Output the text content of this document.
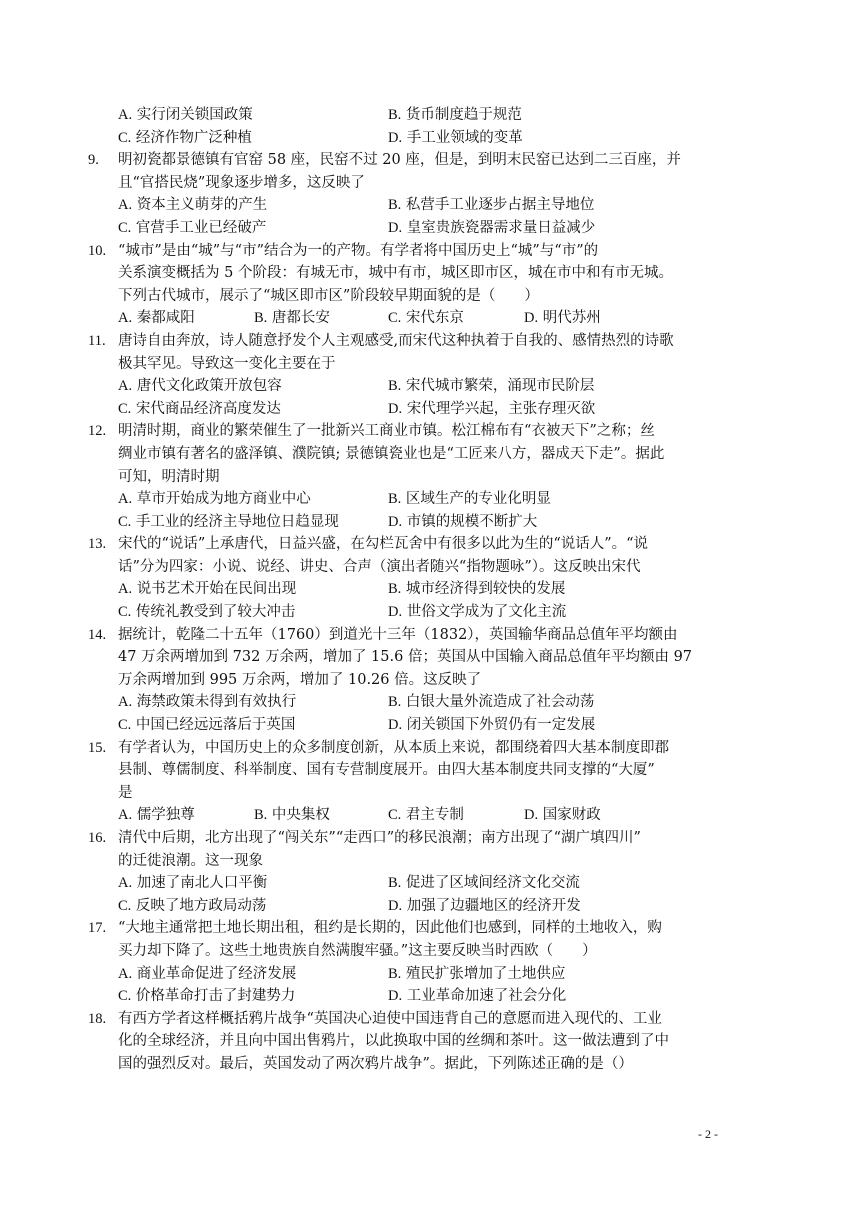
A. 实行闭关锁国政策	B. 货币制度趋于规范
C. 经济作物广泛种植	D. 手工业领域的变革
9.	明初瓷都景德镇有官窑 58 座，民窑不过 20 座，但是，到明末民窑已达到二三百座，并
且“官搭民烧”现象逐步增多，这反映了
A. 资本主义萌芽的产生	B. 私营手工业逐步占据主导地位
C. 官营手工业已经破产	D. 皇室贵族瓷器需求量日益减少
10. “城市”是由“城”与“市”结合为一的产物。有学者将中国历史上“城”与“市”的
关系演变概括为 5 个阶段：有城无市，城中有市，城区即市区，城在市中和有市无城。
下列古代城市，展示了“城区即市区”阶段较早期面貌的是（　　）
A. 秦都咸阳	B. 唐都长安	C. 宋代东京	D. 明代苏州
11. 唐诗自由奔放，诗人随意抒发个人主观感受,而宋代这种执着于自我的、感情热烈的诗歌
极其罕见。导致这一变化主要在于
A. 唐代文化政策开放包容	B. 宋代城市繁荣，涌现市民阶层
C. 宋代商品经济高度发达	D. 宋代理学兴起，主张存理灭欲
12. 明清时期，商业的繁荣催生了一批新兴工商业市镇。松江棉布有“衣被天下”之称；丝
绸业市镇有著名的盛泽镇、濮院镇; 景德镇瓷业也是“工匠来八方，器成天下走”。据此
可知，明清时期
A. 草市开始成为地方商业中心	B. 区域生产的专业化明显
C. 手工业的经济主导地位日趋显现	D. 市镇的规模不断扩大
13. 宋代的“说话”上承唐代，日益兴盛，在勾栏瓦舍中有很多以此为生的“说话人”。“说
话”分为四家：小说、说经、讲史、合声（演出者随兴“指物题咏”）。这反映出宋代
A. 说书艺术开始在民间出现	B. 城市经济得到较快的发展
C. 传统礼教受到了较大冲击	D. 世俗文学成为了文化主流
14. 据统计，乾隆二十五年（1760）到道光十三年（1832），英国输华商品总值年平均额由
47 万余两增加到 732 万余两，增加了 15.6 倍；英国从中国输入商品总值年平均额由 97
万余两增加到 995 万余两，增加了 10.26 倍。这反映了
A. 海禁政策未得到有效执行	B. 白银大量外流造成了社会动荡
C. 中国已经远远落后于英国	D. 闭关锁国下外贸仍有一定发展
15. 有学者认为，中国历史上的众多制度创新，从本质上来说，都围绕着四大基本制度即郡
县制、尊儒制度、科举制度、国有专营制度展开。由四大基本制度共同支撑的“大厦”
是
A. 儒学独尊	B. 中央集权	C. 君主专制	D. 国家财政
16. 清代中后期，北方出现了“闯关东”“走西口”的移民浪潮；南方出现了“湖广填四川”
的迁徙浪潮。这一现象
A. 加速了南北人口平衡	B. 促进了区域间经济文化交流
C. 反映了地方政局动荡	D. 加强了边疆地区的经济开发
17. “大地主通常把土地长期出租，租约是长期的，因此他们也感到，同样的土地收入，购
买力却下降了。这些土地贵族自然满腹牢骚。”这主要反映当时西欧（　　）
A. 商业革命促进了经济发展	B. 殖民扩张增加了土地供应
C. 价格革命打击了封建势力	D. 工业革命加速了社会分化
18. 有西方学者这样概括鸦片战争“英国决心迫使中国违背自己的意愿而进入现代的、工业
化的全球经济，并且向中国出售鸦片，以此换取中国的丝绸和茶叶。这一做法遭到了中
国的强烈反对。最后，英国发动了两次鸦片战争”。据此，下列陈述正确的是（）
- 2 -
